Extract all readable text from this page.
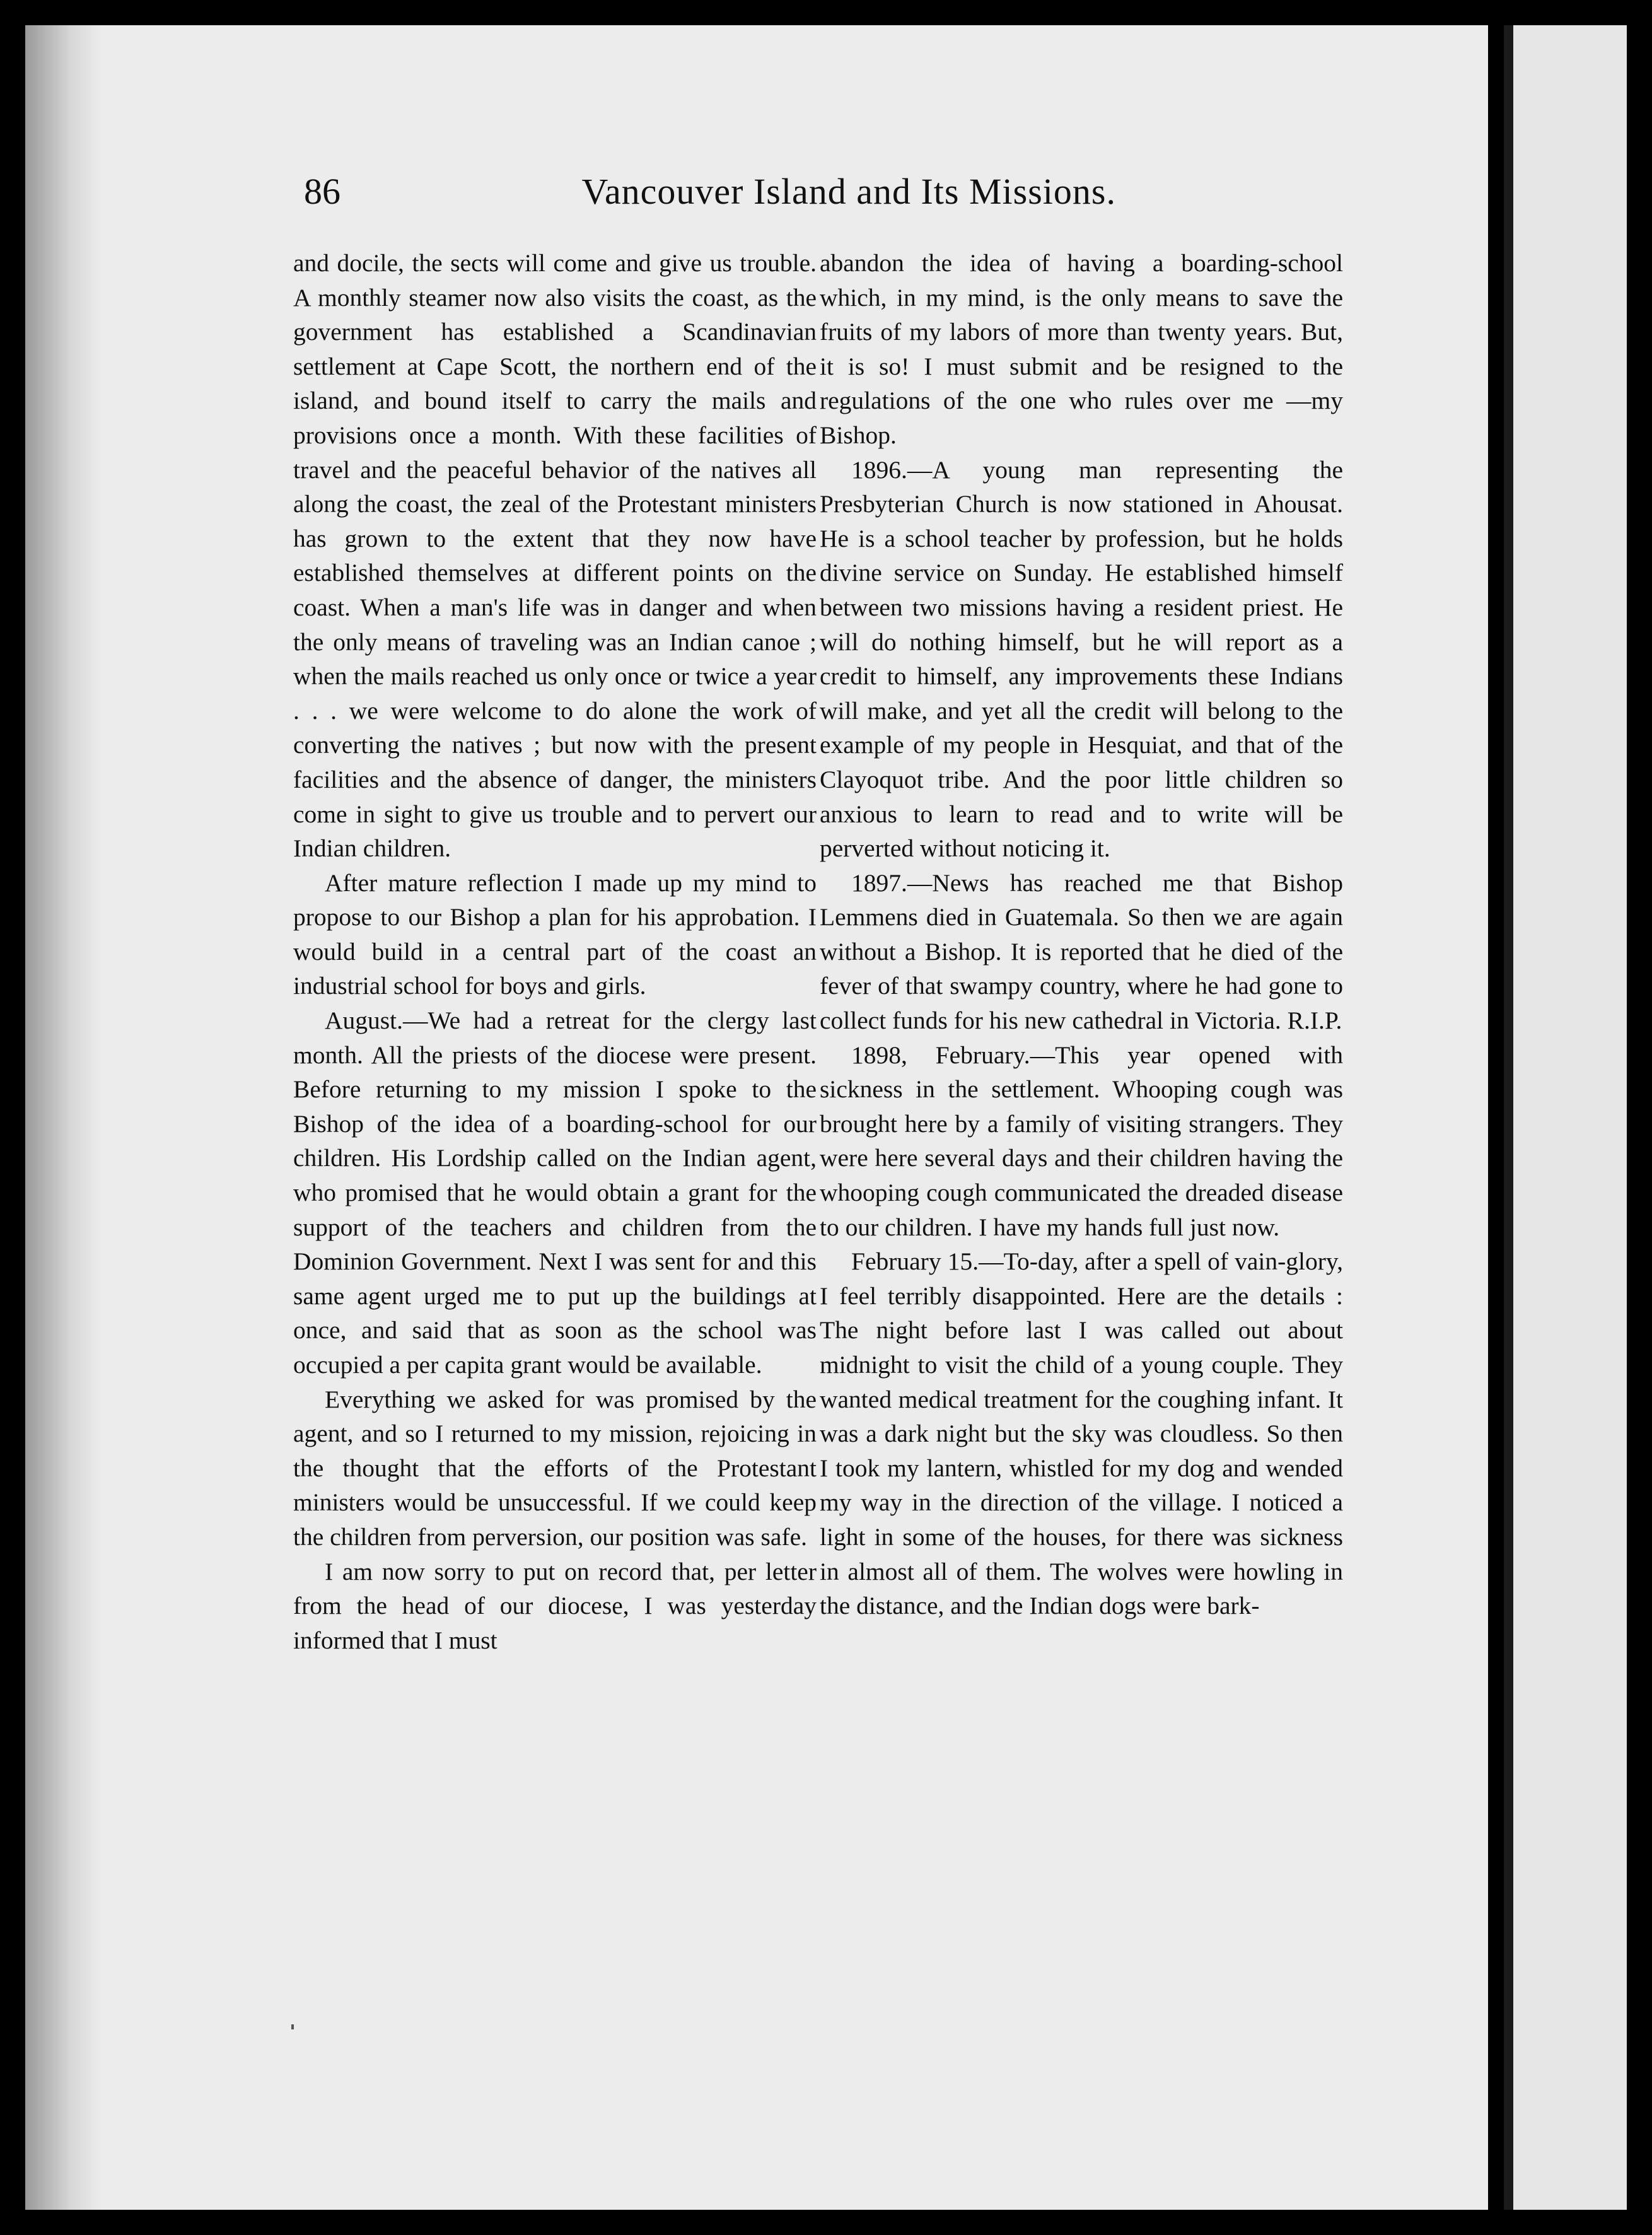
86	Vancouver Island and Its Missions.

and docile, the sects will come and give us trouble. A monthly steamer now also visits the coast, as the government has established a Scandinavian settlement at Cape Scott, the northern end of the island, and bound itself to carry the mails and provisions once a month. With these facilities of travel and the peaceful behavior of the natives all along the coast, the zeal of the Protestant ministers has grown to the extent that they now have established themselves at different points on the coast. When a man's life was in danger and when the only means of traveling was an Indian canoe ; when the mails reached us only once or twice a year . . . we were welcome to do alone the work of converting the natives ; but now with the present facilities and the absence of danger, the ministers come in sight to give us trouble and to pervert our Indian children.

After mature reflection I made up my mind to propose to our Bishop a plan for his approbation. I would build in a central part of the coast an industrial school for boys and girls.

August.—We had a retreat for the clergy last month. All the priests of the diocese were present. Before returning to my mission I spoke to the Bishop of the idea of a boarding-school for our children. His Lordship called on the Indian agent, who promised that he would obtain a grant for the support of the teachers and children from the Dominion Government. Next I was sent for and this same agent urged me to put up the buildings at once, and said that as soon as the school was occupied a per capita grant would be available.

Everything we asked for was promised by the agent, and so I returned to my mission, rejoicing in the thought that the efforts of the Protestant ministers would be unsuccessful. If we could keep the children from perversion, our position was safe.

I am now sorry to put on record that, per letter from the head of our diocese, I was yesterday informed that I must

abandon the idea of having a boarding-school which, in my mind, is the only means to save the fruits of my labors of more than twenty years. But, it is so! I must submit and be resigned to the regulations of the one who rules over me —my Bishop.

1896.—A young man representing the Presbyterian Church is now stationed in Ahousat. He is a school teacher by profession, but he holds divine service on Sunday. He established himself between two missions having a resident priest. He will do nothing himself, but he will report as a credit to himself, any improvements these Indians will make, and yet all the credit will belong to the example of my people in Hesquiat, and that of the Clayoquot tribe. And the poor little children so anxious to learn to read and to write will be perverted without noticing it.

1897.—News has reached me that Bishop Lemmens died in Guatemala. So then we are again without a Bishop. It is reported that he died of the fever of that swampy country, where he had gone to collect funds for his new cathedral in Victoria. R.I.P.

1898, February.—This year opened with sickness in the settlement. Whooping cough was brought here by a family of visiting strangers. They were here several days and their children having the whooping cough communicated the dreaded disease to our children. I have my hands full just now.

February 15.—To-day, after a spell of vain-glory, I feel terribly disappointed. Here are the details : The night before last I was called out about midnight to visit the child of a young couple. They wanted medical treatment for the coughing infant. It was a dark night but the sky was cloudless. So then I took my lantern, whistled for my dog and wended my way in the direction of the village. I noticed a light in some of the houses, for there was sickness in almost all of them. The wolves were howling in the distance, and the Indian dogs were bark-
